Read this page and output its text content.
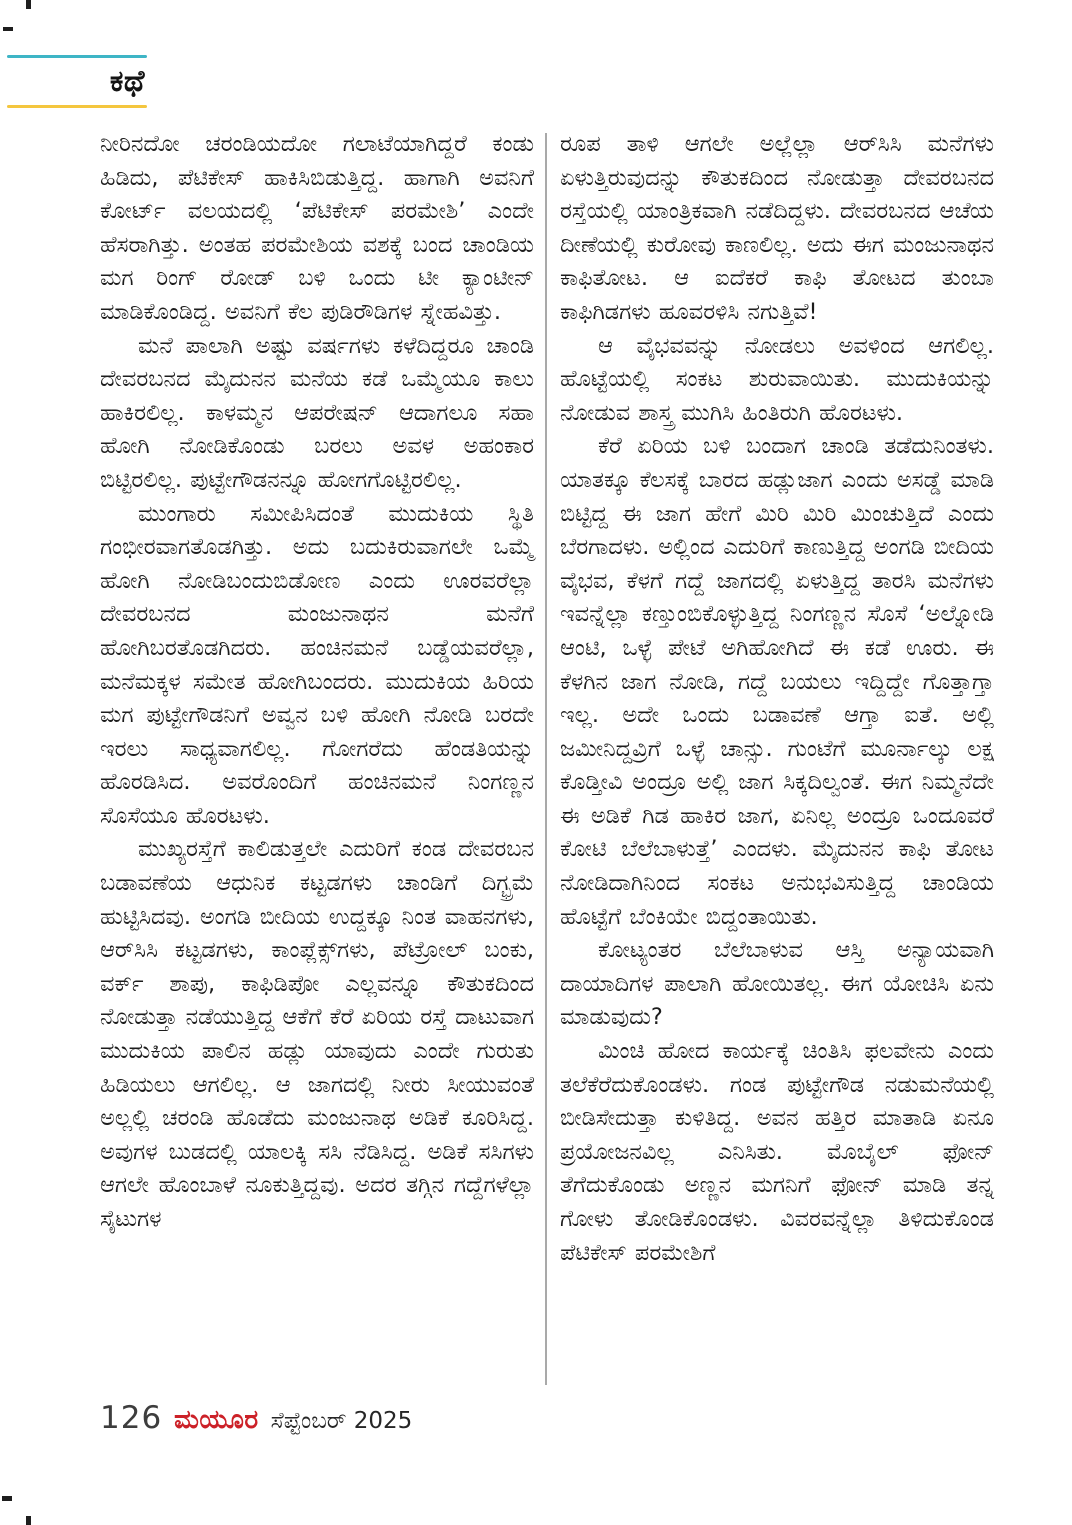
ಕಥೆ

ನೀರಿನದೋ ಚರಂಡಿಯದೋ ಗಲಾಟೆಯಾಗಿದ್ದರೆ ಕಂಡು ಹಿಡಿದು, ಪೆಟಿಕೇಸ್ ಹಾಕಿಸಿಬಿಡುತ್ತಿದ್ದ. ಹಾಗಾಗಿ ಅವನಿಗೆ ಕೋರ್ಟ್ ವಲಯದಲ್ಲಿ ‘ಪೆಟಿಕೇಸ್ ಪರಮೇಶಿ’ ಎಂದೇ ಹೆಸರಾಗಿತ್ತು. ಅಂತಹ ಪರಮೇಶಿಯ ವಶಕ್ಕೆ ಬಂದ ಚಾಂಡಿಯ ಮಗ ರಿಂಗ್ ರೋಡ್ ಬಳಿ ಒಂದು ಟೀ ಕ್ಯಾಂಟೀನ್ ಮಾಡಿಕೊಂಡಿದ್ದ. ಅವನಿಗೆ ಕೆಲ ಪುಡಿರೌಡಿಗಳ ಸ್ನೇಹವಿತ್ತು.

ಮನೆ ಪಾಲಾಗಿ ಅಷ್ಟು ವರ್ಷಗಳು ಕಳೆದಿದ್ದರೂ ಚಾಂಡಿ ದೇವರಬನದ ಮೈದುನನ ಮನೆಯ ಕಡೆ ಒಮ್ಮೆಯೂ ಕಾಲು ಹಾಕಿರಲಿಲ್ಲ. ಕಾಳಮ್ಮನ ಆಪರೇಷನ್ ಆದಾಗಲೂ ಸಹಾ ಹೋಗಿ ನೋಡಿಕೊಂಡು ಬರಲು ಅವಳ ಅಹಂಕಾರ ಬಿಟ್ಟಿರಲಿಲ್ಲ. ಪುಟ್ಟೇಗೌಡನನ್ನೂ ಹೋಗಗೊಟ್ಟಿರಲಿಲ್ಲ.

ಮುಂಗಾರು ಸಮೀಪಿಸಿದಂತೆ ಮುದುಕಿಯ ಸ್ಥಿತಿ ಗಂಭೀರವಾಗತೊಡಗಿತ್ತು. ಅದು ಬದುಕಿರುವಾಗಲೇ ಒಮ್ಮೆ ಹೋಗಿ ನೋಡಿಬಂದುಬಿಡೋಣ ಎಂದು ಊರವರೆಲ್ಲಾ ದೇವರಬನದ ಮಂಜುನಾಥನ ಮನೆಗೆ ಹೋಗಿಬರತೊಡಗಿದರು. ಹಂಚಿನಮನೆ ಬಡ್ಡೆಯವರೆಲ್ಲಾ, ಮನೆಮಕ್ಕಳ ಸಮೇತ ಹೋಗಿಬಂದರು. ಮುದುಕಿಯ ಹಿರಿಯ ಮಗ ಪುಟ್ಟೇಗೌಡನಿಗೆ ಅವ್ವನ ಬಳಿ ಹೋಗಿ ನೋಡಿ ಬರದೇ ಇರಲು ಸಾಧ್ಯವಾಗಲಿಲ್ಲ. ಗೋಗರೆದು ಹೆಂಡತಿಯನ್ನು ಹೊರಡಿಸಿದ. ಅವರೊಂದಿಗೆ ಹಂಚಿನಮನೆ ನಿಂಗಣ್ಣನ ಸೊಸೆಯೂ ಹೊರಟಳು.

ಮುಖ್ಯರಸ್ತೆಗೆ ಕಾಲಿಡುತ್ತಲೇ ಎದುರಿಗೆ ಕಂಡ ದೇವರಬನ ಬಡಾವಣೆಯ ಆಧುನಿಕ ಕಟ್ಟಡಗಳು ಚಾಂಡಿಗೆ ದಿಗ್ಭ್ರಮೆ ಹುಟ್ಟಿಸಿದವು. ಅಂಗಡಿ ಬೀದಿಯ ಉದ್ದಕ್ಕೂ ನಿಂತ ವಾಹನಗಳು, ಆರ್‌ಸಿಸಿ ಕಟ್ಟಡಗಳು, ಕಾಂಪ್ಲೆಕ್ಸ್‌ಗಳು, ಪೆಟ್ರೋಲ್ ಬಂಕು, ವರ್ಕ್ ಶಾಪು, ಕಾಫಿಡಿಪೋ ಎಲ್ಲವನ್ನೂ ಕೌತುಕದಿಂದ ನೋಡುತ್ತಾ ನಡೆಯುತ್ತಿದ್ದ ಆಕೆಗೆ ಕೆರೆ ಏರಿಯ ರಸ್ತೆ ದಾಟುವಾಗ ಮುದುಕಿಯ ಪಾಲಿನ ಹಡ್ಲು ಯಾವುದು ಎಂದೇ ಗುರುತು ಹಿಡಿಯಲು ಆಗಲಿಲ್ಲ. ಆ ಜಾಗದಲ್ಲಿ ನೀರು ಸೀಯುವಂತೆ ಅಲ್ಲಲ್ಲಿ ಚರಂಡಿ ಹೊಡೆದು ಮಂಜುನಾಥ ಅಡಿಕೆ ಕೂರಿಸಿದ್ದ. ಅವುಗಳ ಬುಡದಲ್ಲಿ ಯಾಲಕ್ಕಿ ಸಸಿ ನೆಡಿಸಿದ್ದ. ಅಡಿಕೆ ಸಸಿಗಳು ಆಗಲೇ ಹೊಂಬಾಳೆ ನೂಕುತ್ತಿದ್ದವು. ಅದರ ತಗ್ಗಿನ ಗದ್ದೆಗಳೆಲ್ಲಾ ಸೈಟುಗಳ

ರೂಪ ತಾಳಿ ಆಗಲೇ ಅಲ್ಲೆಲ್ಲಾ ಆರ್‌ಸಿಸಿ ಮನೆಗಳು ಏಳುತ್ತಿರುವುದನ್ನು ಕೌತುಕದಿಂದ ನೋಡುತ್ತಾ ದೇವರಬನದ ರಸ್ತೆಯಲ್ಲಿ ಯಾಂತ್ರಿಕವಾಗಿ ನಡೆದಿದ್ದಳು. ದೇವರಬನದ ಆಚೆಯ ದೀಣೆಯಲ್ಲಿ ಕುರೋವು ಕಾಣಲಿಲ್ಲ. ಅದು ಈಗ ಮಂಜುನಾಥನ ಕಾಫಿತೋಟ. ಆ ಐದೆಕರೆ ಕಾಫಿ ತೋಟದ ತುಂಬಾ ಕಾಫಿಗಿಡಗಳು ಹೂವರಳಿಸಿ ನಗುತ್ತಿವೆ!

ಆ ವೈಭವವನ್ನು ನೋಡಲು ಅವಳಿಂದ ಆಗಲಿಲ್ಲ. ಹೊಟ್ಟೆಯಲ್ಲಿ ಸಂಕಟ ಶುರುವಾಯಿತು. ಮುದುಕಿಯನ್ನು ನೋಡುವ ಶಾಸ್ತ್ರ ಮುಗಿಸಿ ಹಿಂತಿರುಗಿ ಹೊರಟಳು.

ಕೆರೆ ಏರಿಯ ಬಳಿ ಬಂದಾಗ ಚಾಂಡಿ ತಡೆದುನಿಂತಳು. ಯಾತಕ್ಕೂ ಕೆಲಸಕ್ಕೆ ಬಾರದ ಹಡ್ಲುಜಾಗ ಎಂದು ಅಸಡ್ಡೆ ಮಾಡಿ ಬಿಟ್ಟಿದ್ದ ಈ ಜಾಗ ಹೇಗೆ ಮಿರಿ ಮಿರಿ ಮಿಂಚುತ್ತಿದೆ ಎಂದು ಬೆರಗಾದಳು. ಅಲ್ಲಿಂದ ಎದುರಿಗೆ ಕಾಣುತ್ತಿದ್ದ ಅಂಗಡಿ ಬೀದಿಯ ವೈಭವ, ಕೆಳಗೆ ಗದ್ದೆ ಜಾಗದಲ್ಲಿ ಏಳುತ್ತಿದ್ದ ತಾರಸಿ ಮನೆಗಳು ಇವನ್ನೆಲ್ಲಾ ಕಣ್ತುಂಬಿಕೊಳ್ಳುತ್ತಿದ್ದ ನಿಂಗಣ್ಣನ ಸೊಸೆ ‘ಅಲ್ನೋಡಿ ಆಂಟಿ, ಒಳ್ಳೆ ಪೇಟೆ ಅಗಿಹೋಗಿದೆ ಈ ಕಡೆ ಊರು. ಈ ಕೆಳಗಿನ ಜಾಗ ನೋಡಿ, ಗದ್ದೆ ಬಯಲು ಇದ್ದಿದ್ದೇ ಗೊತ್ತಾಗ್ತಾ ಇಲ್ಲ. ಅದೇ ಒಂದು ಬಡಾವಣೆ ಆಗ್ತಾ ಐತೆ. ಅಲ್ಲಿ ಜಮೀನಿದ್ದವ್ರಿಗೆ ಒಳ್ಳೆ ಚಾನ್ಸು. ಗುಂಟೆಗೆ ಮೂರ್ನಾಲ್ಕು ಲಕ್ಷ ಕೊಡ್ತೀವಿ ಅಂದ್ರೂ ಅಲ್ಲಿ ಜಾಗ ಸಿಕ್ಕದಿಲ್ವಂತೆ. ಈಗ ನಿಮ್ಮನೆದೇ ಈ ಅಡಿಕೆ ಗಿಡ ಹಾಕಿರ ಜಾಗ, ಏನಿಲ್ಲ ಅಂದ್ರೂ ಒಂದೂವರೆ ಕೋಟಿ ಬೆಲೆಬಾಳುತ್ತೆ’ ಎಂದಳು. ಮೈದುನನ ಕಾಫಿ ತೋಟ ನೋಡಿದಾಗಿನಿಂದ ಸಂಕಟ ಅನುಭವಿಸುತ್ತಿದ್ದ ಚಾಂಡಿಯ ಹೊಟ್ಟೆಗೆ ಬೆಂಕಿಯೇ ಬಿದ್ದಂತಾಯಿತು.

ಕೋಟ್ಯಂತರ ಬೆಲೆಬಾಳುವ ಆಸ್ತಿ ಅನ್ಯಾಯವಾಗಿ ದಾಯಾದಿಗಳ ಪಾಲಾಗಿ ಹೋಯಿತಲ್ಲ. ಈಗ ಯೋಚಿಸಿ ಏನು ಮಾಡುವುದು?

ಮಿಂಚಿ ಹೋದ ಕಾರ್ಯಕ್ಕೆ ಚಿಂತಿಸಿ ಫಲವೇನು ಎಂದು ತಲೆಕೆರೆದುಕೊಂಡಳು. ಗಂಡ ಪುಟ್ಟೇಗೌಡ ನಡುಮನೆಯಲ್ಲಿ ಬೀಡಿಸೇದುತ್ತಾ ಕುಳಿತಿದ್ದ. ಅವನ ಹತ್ತಿರ ಮಾತಾಡಿ ಏನೂ ಪ್ರಯೋಜನವಿಲ್ಲ ಎನಿಸಿತು. ಮೊಬೈಲ್ ಫೋನ್ ತೆಗೆದುಕೊಂಡು ಅಣ್ಣನ ಮಗನಿಗೆ ಫೋನ್ ಮಾಡಿ ತನ್ನ ಗೋಳು ತೋಡಿಕೊಂಡಳು. ವಿವರವನ್ನೆಲ್ಲಾ ತಿಳಿದುಕೊಂಡ ಪೆಟಿಕೇಸ್ ಪರಮೇಶಿಗೆ

126 ಮಯೂರ ಸೆಪ್ಟೆಂಬರ್ 2025
